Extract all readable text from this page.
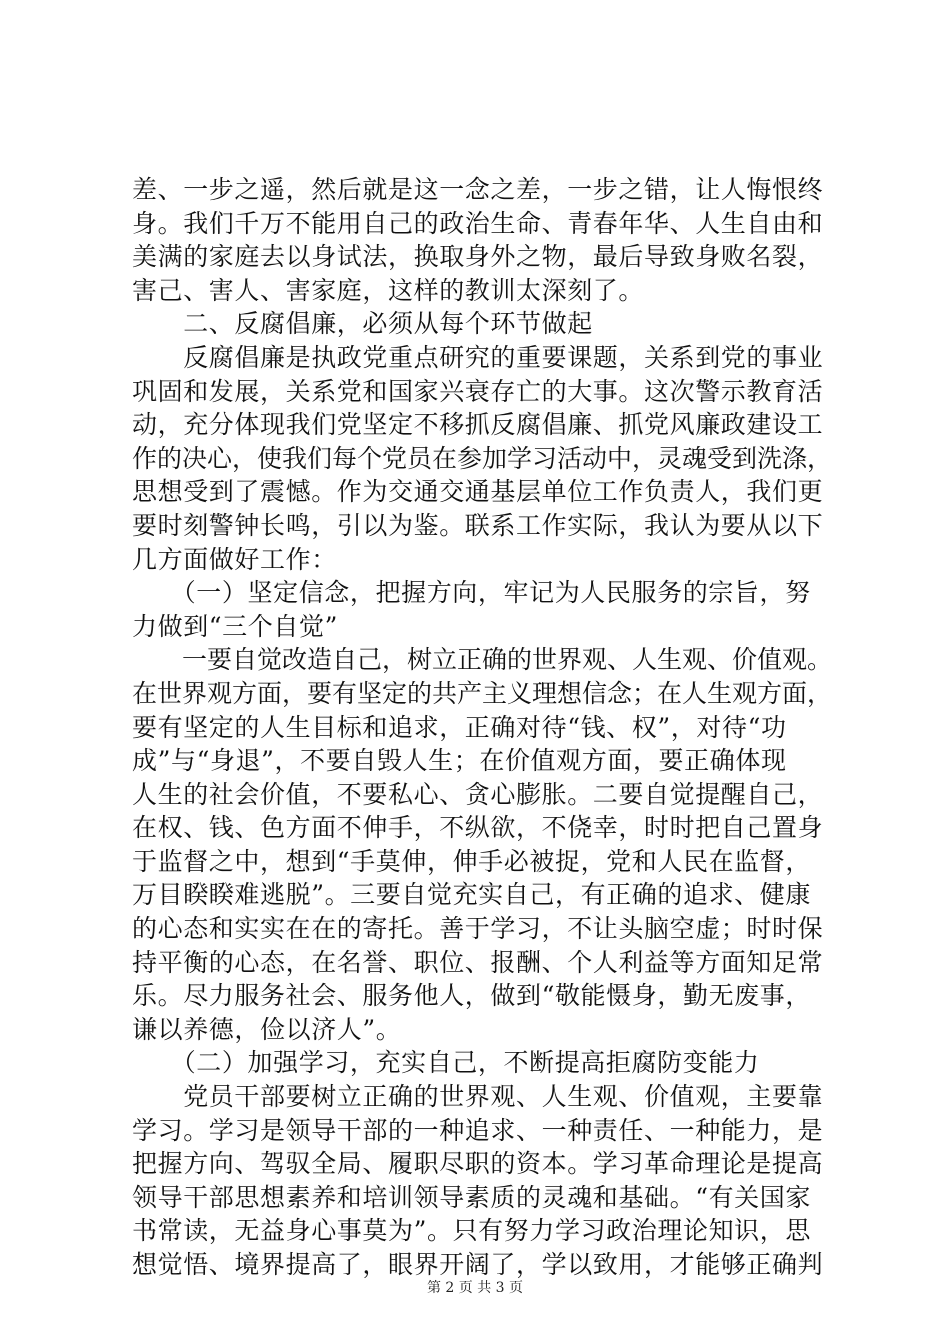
差、一步之遥，然后就是这一念之差，一步之错，让人悔恨终
身。我们千万不能用自己的政治生命、青春年华、人生自由和
美满的家庭去以身试法，换取身外之物，最后导致身败名裂，
害己、害人、害家庭，这样的教训太深刻了。
　　二、反腐倡廉，必须从每个环节做起
　　反腐倡廉是执政党重点研究的重要课题，关系到党的事业
巩固和发展，关系党和国家兴衰存亡的大事。这次警示教育活
动，充分体现我们党坚定不移抓反腐倡廉、抓党风廉政建设工
作的决心，使我们每个党员在参加学习活动中，灵魂受到洗涤，
思想受到了震憾。作为交通交通基层单位工作负责人，我们更
要时刻警钟长鸣，引以为鉴。联系工作实际，我认为要从以下
几方面做好工作：
　　（一）坚定信念，把握方向，牢记为人民服务的宗旨，努
力做到“三个自觉”
　　一要自觉改造自己，树立正确的世界观、人生观、价值观。
在世界观方面，要有坚定的共产主义理想信念；在人生观方面，
要有坚定的人生目标和追求，正确对待“钱、权”，对待“功
成”与“身退”，不要自毁人生；在价值观方面，要正确体现
人生的社会价值，不要私心、贪心膨胀。二要自觉提醒自己，
在权、钱、色方面不伸手，不纵欲，不侥幸，时时把自己置身
于监督之中，想到“手莫伸，伸手必被捉，党和人民在监督，
万目睽睽难逃脱”。三要自觉充实自己，有正确的追求、健康
的心态和实实在在的寄托。善于学习，不让头脑空虚；时时保
持平衡的心态，在名誉、职位、报酬、个人利益等方面知足常
乐。尽力服务社会、服务他人，做到“敬能慑身，勤无废事，
谦以养德，俭以济人”。
　　（二）加强学习，充实自己，不断提高拒腐防变能力
　　党员干部要树立正确的世界观、人生观、价值观，主要靠
学习。学习是领导干部的一种追求、一种责任、一种能力，是
把握方向、驾驭全局、履职尽职的资本。学习革命理论是提高
领导干部思想素养和培训领导素质的灵魂和基础。“有关国家
书常读，无益身心事莫为”。只有努力学习政治理论知识，思
想觉悟、境界提高了，眼界开阔了，学以致用，才能够正确判
第 2 页 共 3 页
